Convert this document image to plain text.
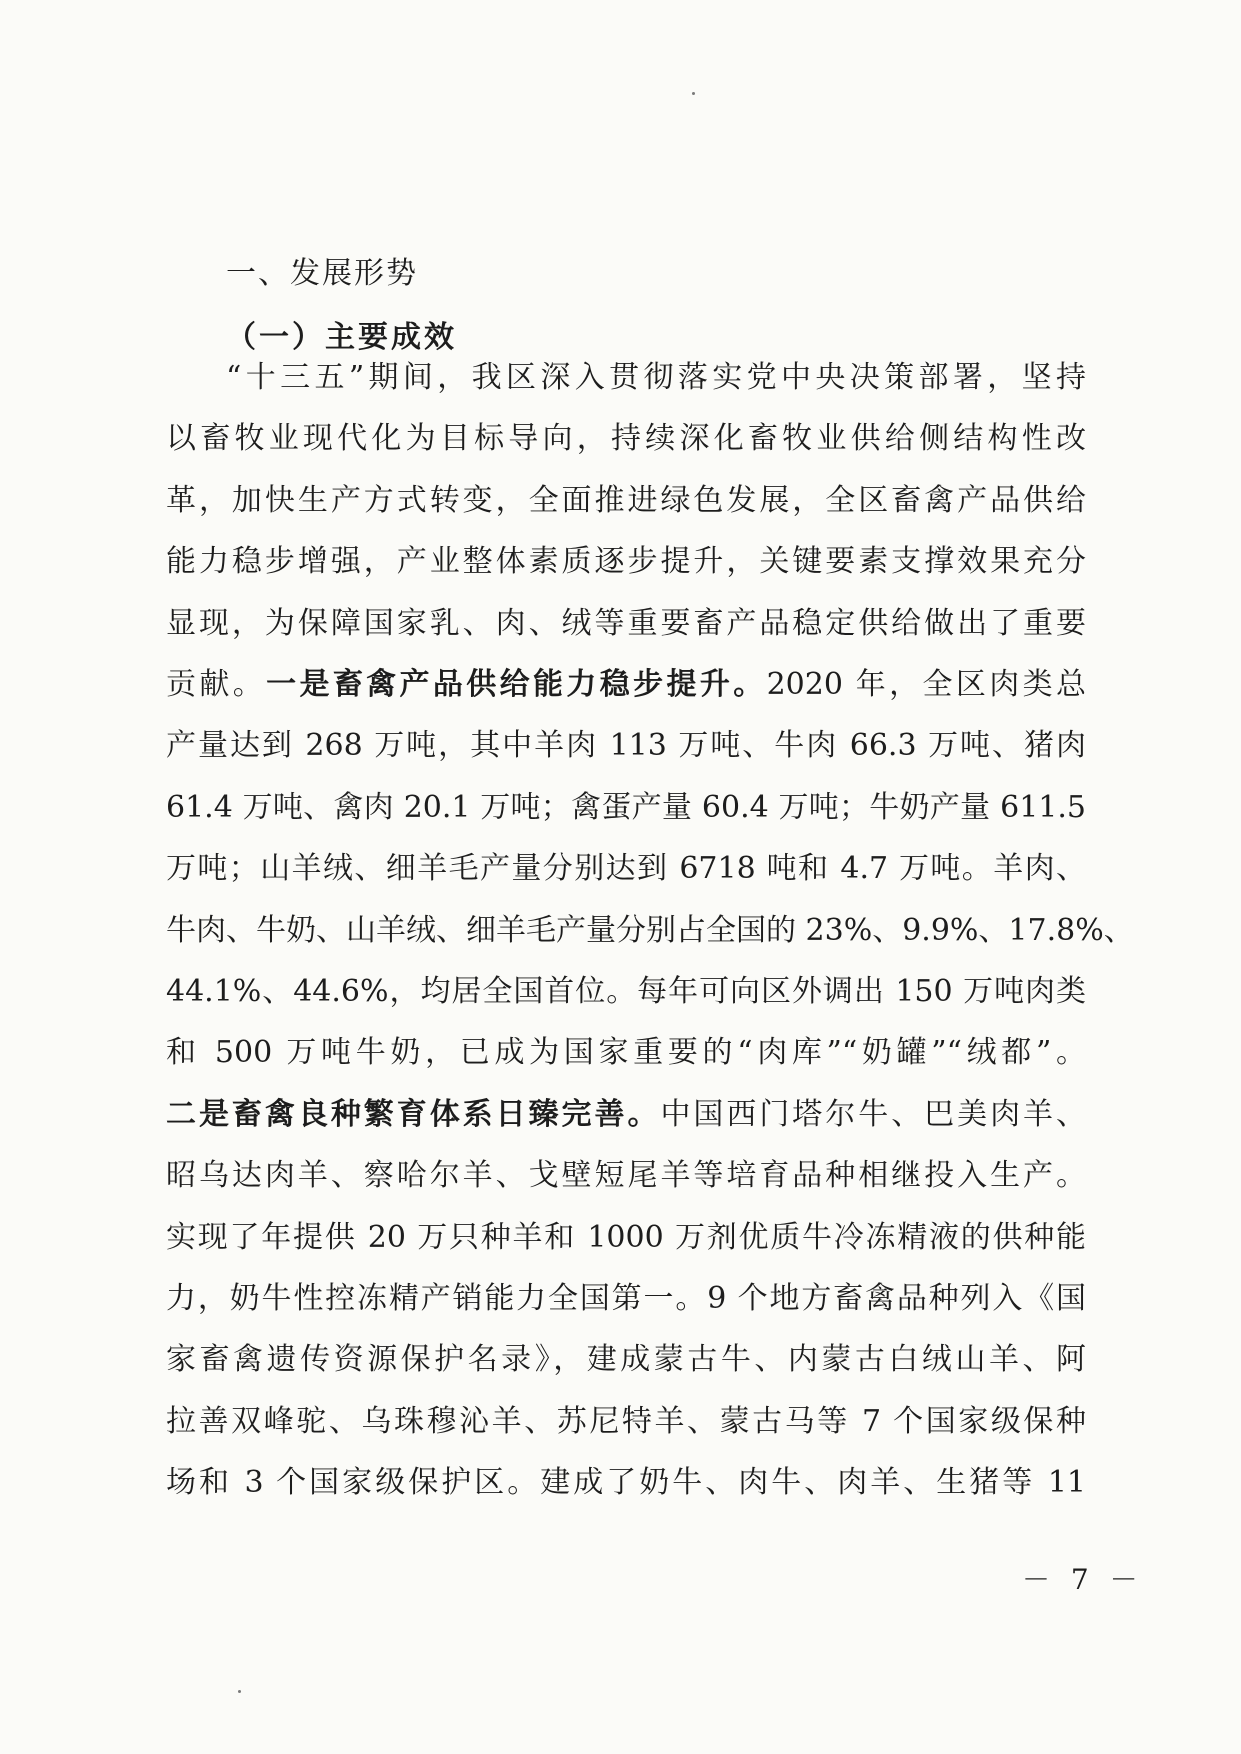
一、发展形势
（一）主要成效
“十三五”期间，我区深入贯彻落实党中央决策部署，坚持
以畜牧业现代化为目标导向，持续深化畜牧业供给侧结构性改
革，加快生产方式转变，全面推进绿色发展，全区畜禽产品供给
能力稳步增强，产业整体素质逐步提升，关键要素支撑效果充分
显现，为保障国家乳、肉、绒等重要畜产品稳定供给做出了重要
贡献。一是畜禽产品供给能力稳步提升。2020 年，全区肉类总
产量达到 268 万吨，其中羊肉 113 万吨、牛肉 66.3 万吨、猪肉
61.4 万吨、禽肉 20.1 万吨；禽蛋产量 60.4 万吨；牛奶产量 611.5
万吨；山羊绒、细羊毛产量分别达到 6718 吨和 4.7 万吨。羊肉、
牛肉、牛奶、山羊绒、细羊毛产量分别占全国的 23%、9.9%、17.8%、
44.1%、44.6%，均居全国首位。每年可向区外调出 150 万吨肉类
和 500 万吨牛奶，已成为国家重要的“肉库”“奶罐”“绒都”。
二是畜禽良种繁育体系日臻完善。中国西门塔尔牛、巴美肉羊、
昭乌达肉羊、察哈尔羊、戈壁短尾羊等培育品种相继投入生产。
实现了年提供 20 万只种羊和 1000 万剂优质牛冷冻精液的供种能
力，奶牛性控冻精产销能力全国第一。9 个地方畜禽品种列入《国
家畜禽遗传资源保护名录》，建成蒙古牛、内蒙古白绒山羊、阿
拉善双峰驼、乌珠穆沁羊、苏尼特羊、蒙古马等 7 个国家级保种
场和 3 个国家级保护区。建成了奶牛、肉牛、肉羊、生猪等 11
－ 7 －
